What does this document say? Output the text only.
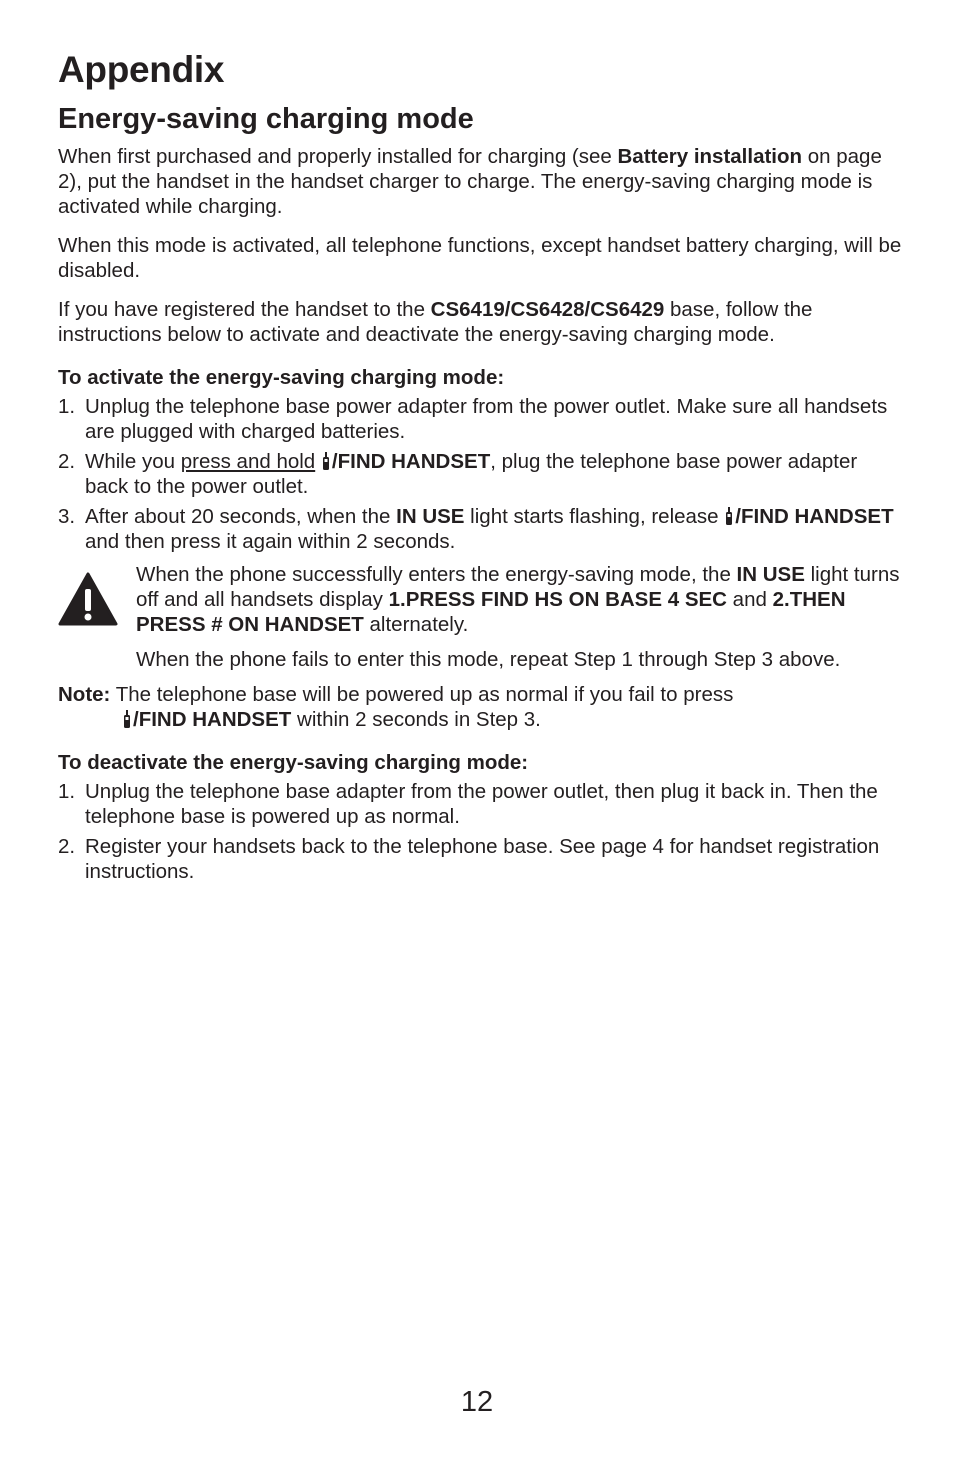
Appendix
Energy-saving charging mode

When first purchased and properly installed for charging (see Battery installation on page 2), put the handset in the handset charger to charge. The energy-saving charging mode is activated while charging.

When this mode is activated, all telephone functions, except handset battery charging, will be disabled.

If you have registered the handset to the CS6419/CS6428/CS6429 base, follow the instructions below to activate and deactivate the energy-saving charging mode.

To activate the energy-saving charging mode:
1. Unplug the telephone base power adapter from the power outlet. Make sure all handsets are plugged with charged batteries.
2. While you press and hold /FIND HANDSET, plug the telephone base power adapter back to the power outlet.
3. After about 20 seconds, when the IN USE light starts flashing, release /FIND HANDSET and then press it again within 2 seconds.

When the phone successfully enters the energy-saving mode, the IN USE light turns off and all handsets display 1.PRESS FIND HS ON BASE 4 SEC and 2.THEN PRESS # ON HANDSET alternately.

When the phone fails to enter this mode, repeat Step 1 through Step 3 above.

Note: The telephone base will be powered up as normal if you fail to press
/FIND HANDSET within 2 seconds in Step 3.
To deactivate the energy-saving charging mode:
1. Unplug the telephone base adapter from the power outlet, then plug it back in. Then the telephone base is powered up as normal.
2. Register your handsets back to the telephone base. See page 4 for handset registration instructions.
12
